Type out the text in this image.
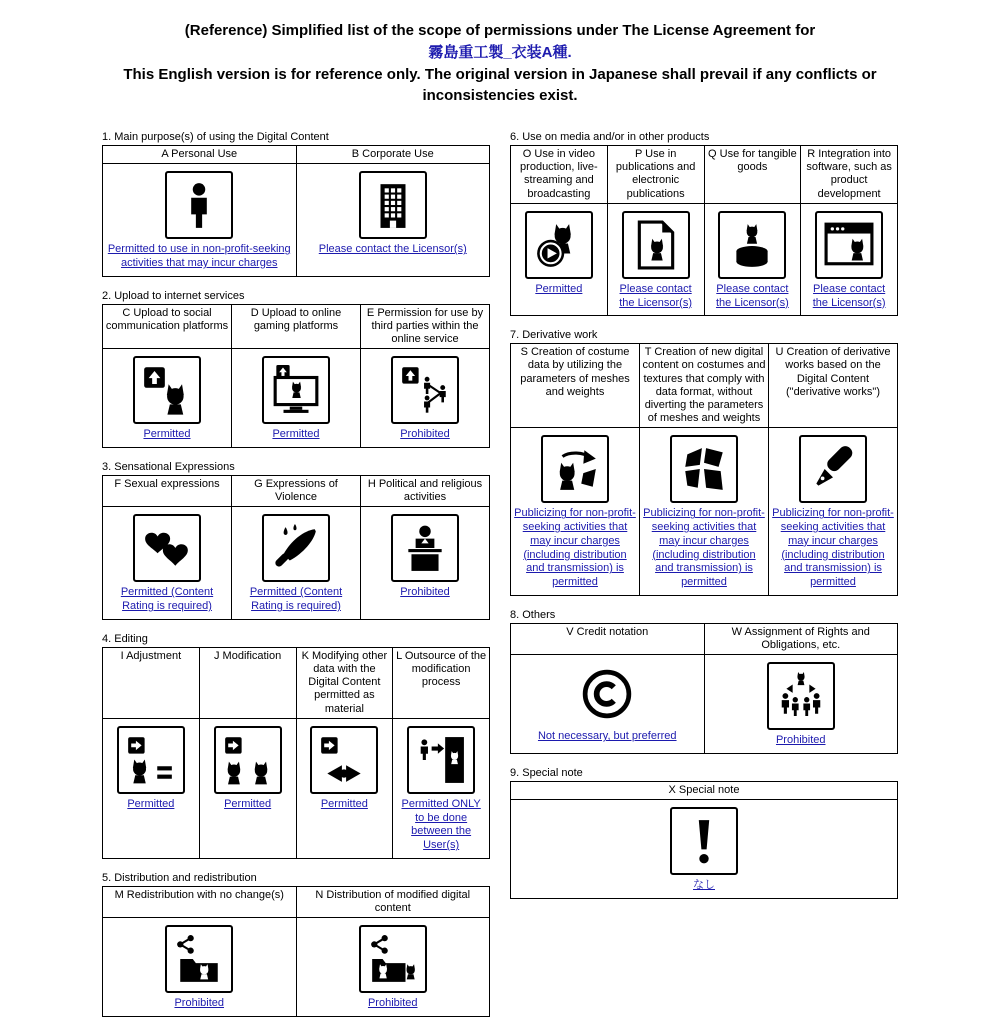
(Reference) Simplified list of the scope of permissions under The License Agreement for
霧島重工製_衣装A種.
This English version is for reference only. The original version in Japanese shall prevail if any conflicts or inconsistencies exist.
1. Main purpose(s) of using the Digital Content
A Personal Use	B Corporate Use

Permitted to use in non-profit-seeking activities that may incur charges	Please contact the Licensor(s)
2. Upload to internet services
C Upload to social communication platforms	D Upload to online gaming platforms	E Permission for use by third parties within the online service

Permitted	Permitted	Prohibited
3. Sensational Expressions
F Sexual expressions	G Expressions of Violence	H Political and religious activities

Permitted (Content Rating is required)	Permitted (Content Rating is required)	Prohibited
4. Editing
I Adjustment	J Modification	K Modifying other data with the Digital Content permitted as material	L Outsource of the modification process

Permitted	Permitted	Permitted	Permitted ONLY to be done between the User(s)
5. Distribution and redistribution
M Redistribution with no change(s)	N Distribution of modified digital content

Prohibited	Prohibited
6. Use on media and/or in other products
O Use in video production, live-streaming and broadcasting	P Use in publications and electronic publications	Q Use for tangible goods	R Integration into software, such as product development

Permitted	Please contact the Licensor(s)	Please contact the Licensor(s)	Please contact the Licensor(s)
7. Derivative work
S Creation of costume data by utilizing the parameters of meshes and weights	T Creation of new digital content on costumes and textures that comply with data format, without diverting the parameters of meshes and weights	U Creation of derivative works based on the Digital Content ("derivative works")

Publicizing for non-profit-seeking activities that may incur charges (including distribution and transmission) is permitted	Publicizing for non-profit-seeking activities that may incur charges (including distribution and transmission) is permitted	Publicizing for non-profit-seeking activities that may incur charges (including distribution and transmission) is permitted
8. Others
V Credit notation	W Assignment of Rights and Obligations, etc.

Not necessary, but preferred	Prohibited
9. Special note
X Special note

なし
